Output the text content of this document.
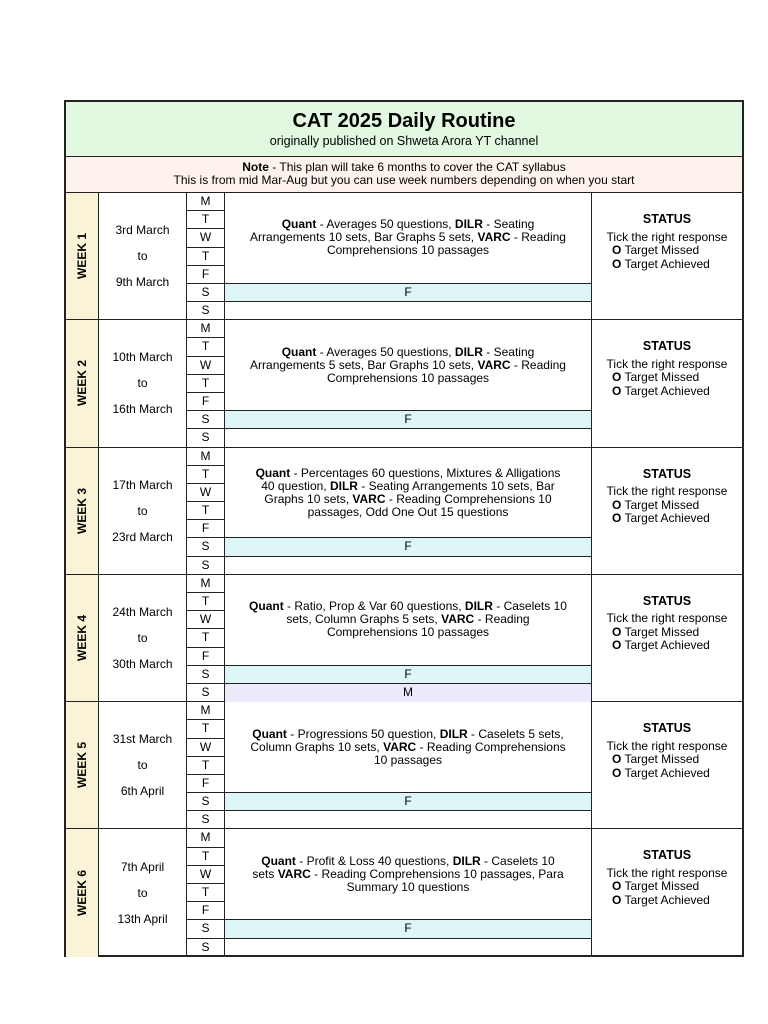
CAT 2025 Daily Routine
originally published on Shweta Arora YT channel
Note - This plan will take 6 months to cover the CAT syllabus
This is from mid Mar-Aug but you can use week numbers depending on when you start
WEEK 1
3rd March
to
9th March
M
T
W
T
F
S
S
Quant - Averages 50 questions, DILR - Seating Arrangements 10 sets, Bar Graphs 5 sets, VARC - Reading Comprehensions 10 passages
F
STATUS
Tick the right response
O Target Missed
O Target Achieved
WEEK 2
10th March
to
16th March
M
T
W
T
F
S
S
Quant - Averages 50 questions, DILR - Seating Arrangements 5 sets, Bar Graphs 10 sets, VARC - Reading Comprehensions 10 passages
F
STATUS
Tick the right response
O Target Missed
O Target Achieved
WEEK 3
17th March
to
23rd March
M
T
W
T
F
S
S
Quant - Percentages 60 questions, Mixtures & Alligations 40 question, DILR - Seating Arrangements 10 sets, Bar Graphs 10 sets, VARC - Reading Comprehensions 10 passages, Odd One Out 15 questions
F
STATUS
Tick the right response
O Target Missed
O Target Achieved
WEEK 4
24th March
to
30th March
M
T
W
T
F
S
S
Quant - Ratio, Prop & Var 60 questions, DILR - Caselets 10 sets, Column Graphs 5 sets, VARC - Reading Comprehensions 10 passages
F
M
STATUS
Tick the right response
O Target Missed
O Target Achieved
WEEK 5
31st March
to
6th April
M
T
W
T
F
S
S
Quant - Progressions 50 question, DILR - Caselets 5 sets, Column Graphs 10 sets, VARC - Reading Comprehensions 10 passages
F
STATUS
Tick the right response
O Target Missed
O Target Achieved
WEEK 6
7th April
to
13th April
M
T
W
T
F
S
S
Quant - Profit & Loss 40 questions, DILR - Caselets 10 sets VARC - Reading Comprehensions 10 passages, Para Summary 10 questions
F
STATUS
Tick the right response
O Target Missed
O Target Achieved
